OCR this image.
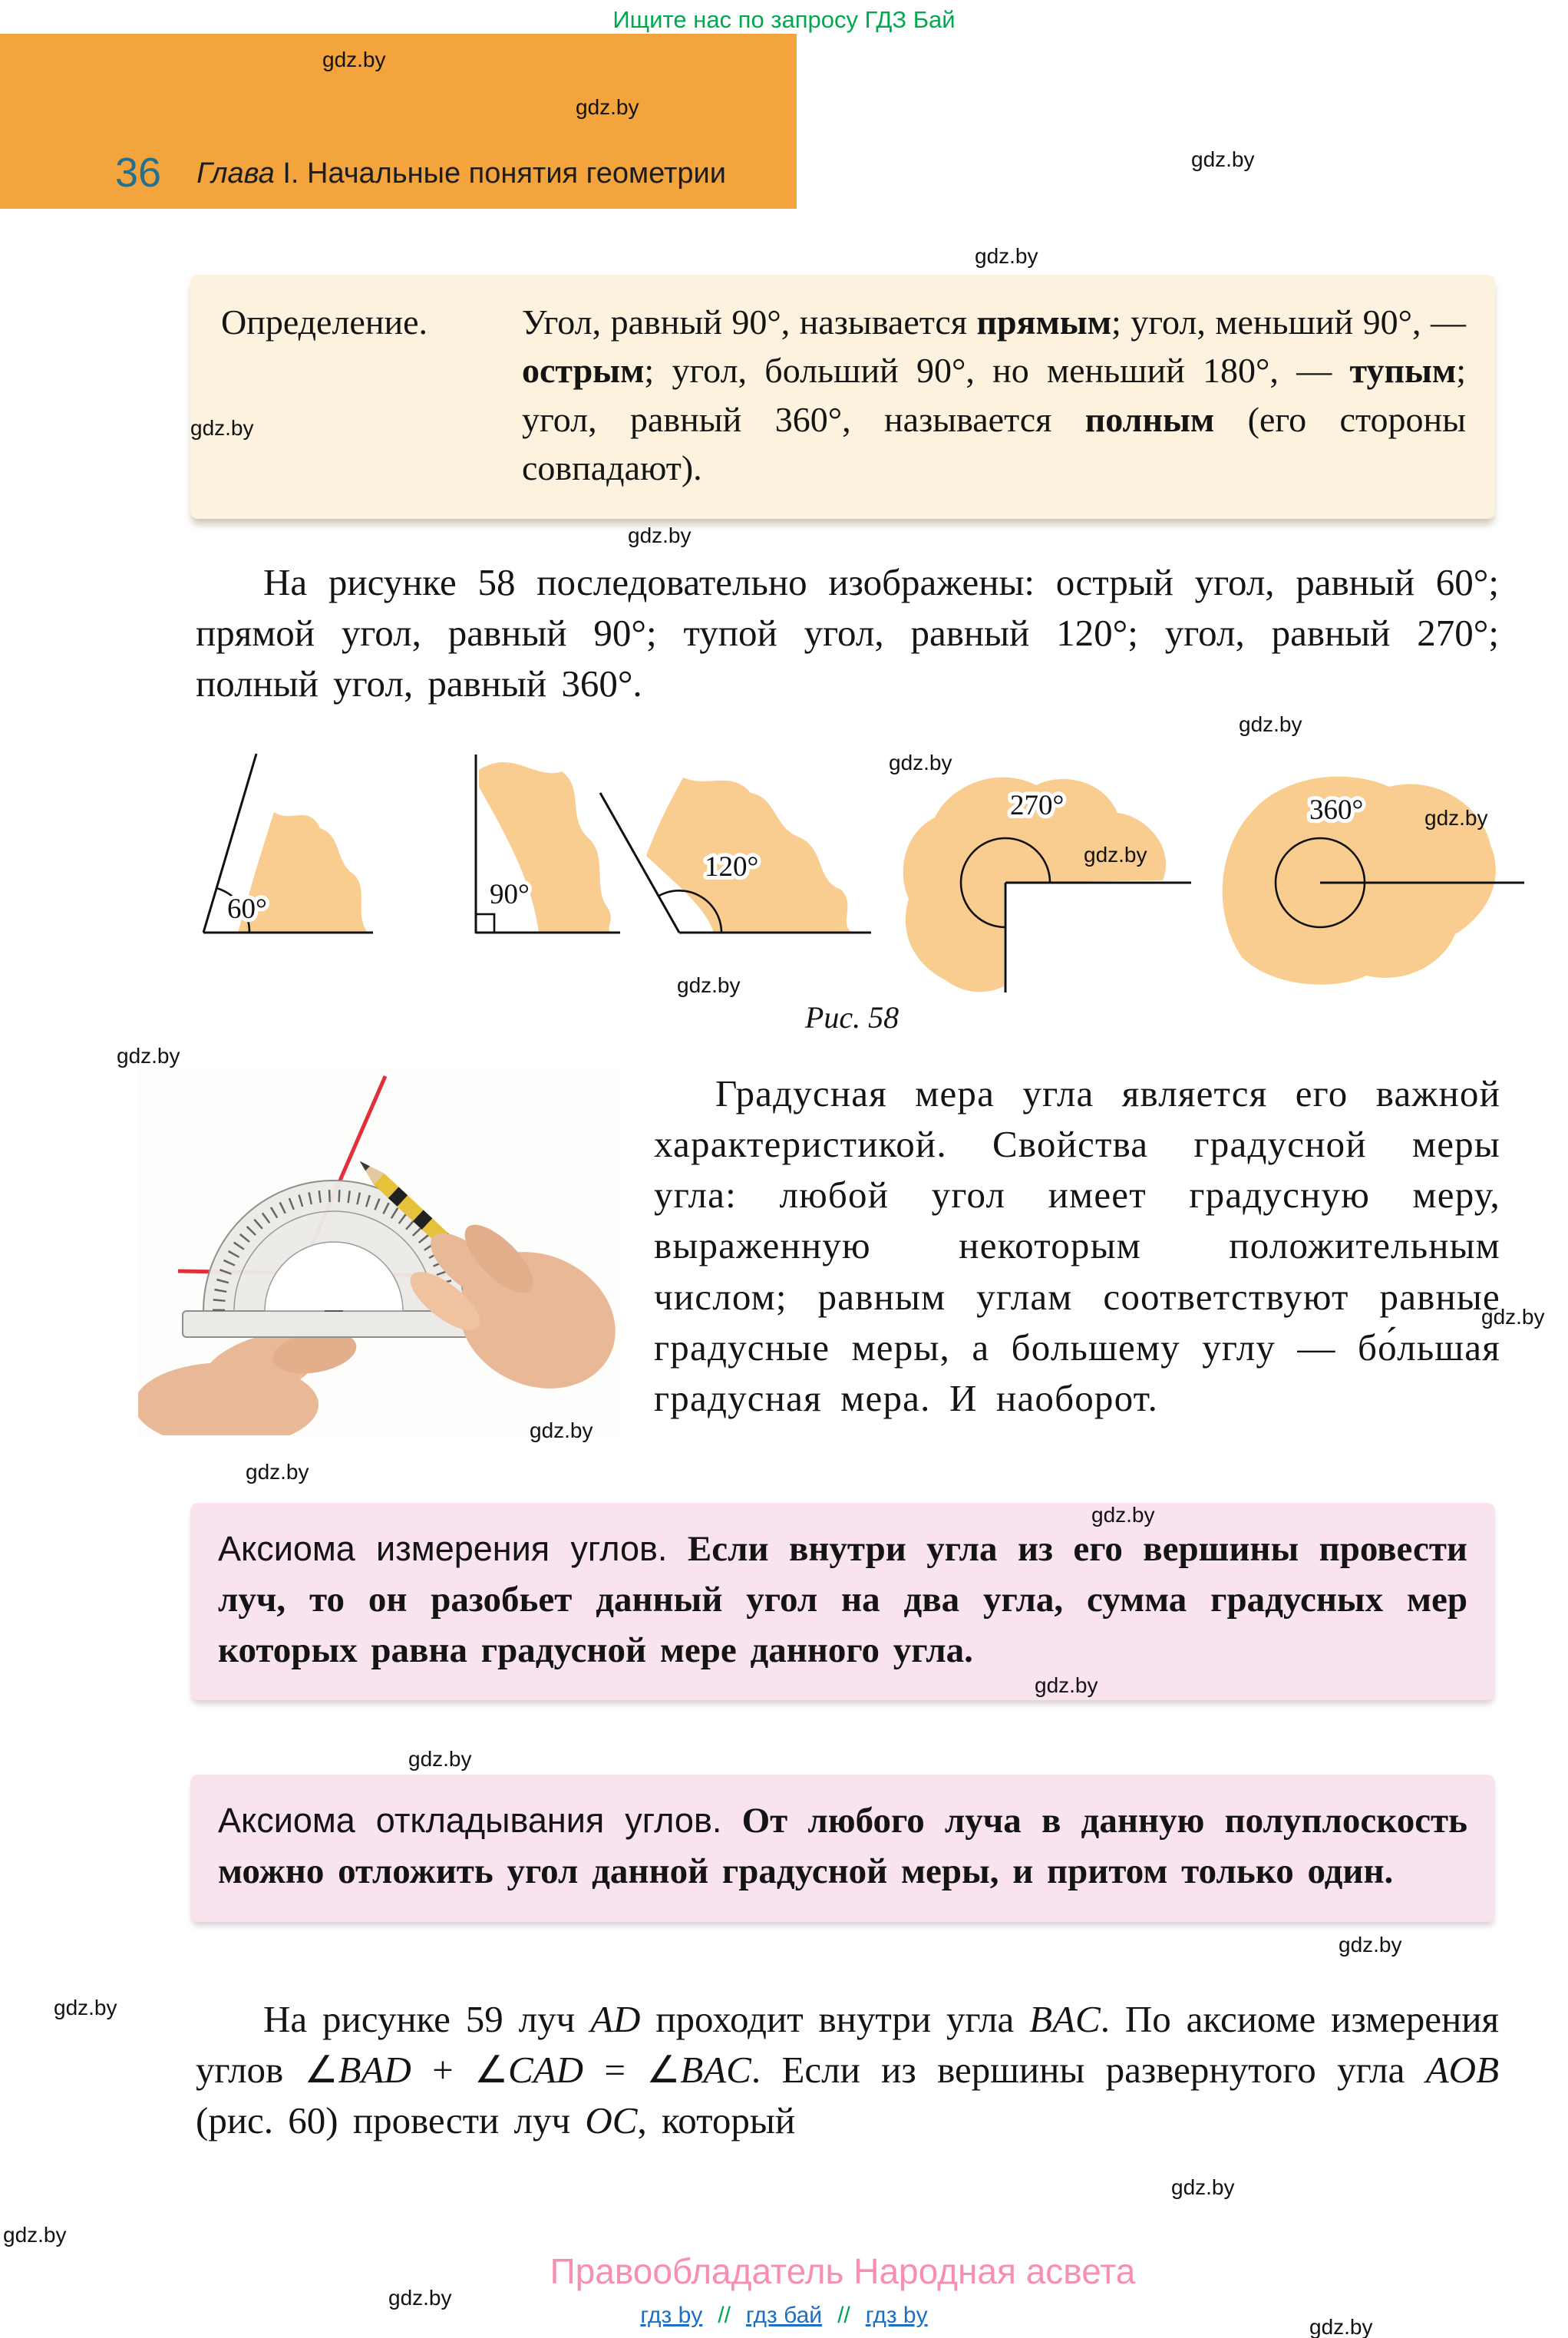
Ищите нас по запросу ГДЗ Бай
36 Глава I. Начальные понятия геометрии
Определение.	Угол, равный 90°, называется прямым; угол, меньший 90°, — острым; угол, больший 90°, но меньший 180°, — тупым; угол, равный 360°, называется полным (его стороны совпадают).
На рисунке 58 последовательно изображены: острый угол, равный 60°; прямой угол, равный 90°; тупой угол, равный 120°; угол, равный 270°; полный угол, равный 360°.
60°	90°
120°
270°	360°
Рис. 58
Градусная мера угла является его важной характеристикой. Свойства градусной меры угла: любой угол имеет градусную меру, выраженную некоторым положительным числом; равным углам соответствуют равные градусные меры, а большему углу — бо́льшая градусная мера. И наоборот.
Аксиома измерения углов. Если внутри угла из его вершины провести луч, то он разобьет данный угол на два угла, сумма градусных мер которых равна градусной мере данного угла.
Аксиома откладывания углов. От любого луча в данную полуплоскость можно отложить угол данной градусной меры, и притом только один.
На рисунке 59 луч AD проходит внутри угла BAC. По аксиоме измерения углов ∠BAD + ∠CAD = ∠BAC. Если из вершины развернутого угла AOB (рис. 60) провести луч OC, который
Правообладатель Народная асвета
гдз by // гдз бай // гдз by
gdz.by
gdz.by
gdz.by
gdz.by
gdz.by
gdz.by
gdz.by
gdz.by
gdz.by
gdz.by
gdz.by
gdz.by
gdz.by
gdz.by
gdz.by
gdz.by
gdz.by
gdz.by
gdz.by
gdz.by
gdz.by
gdz.by
gdz.by
gdz.by
